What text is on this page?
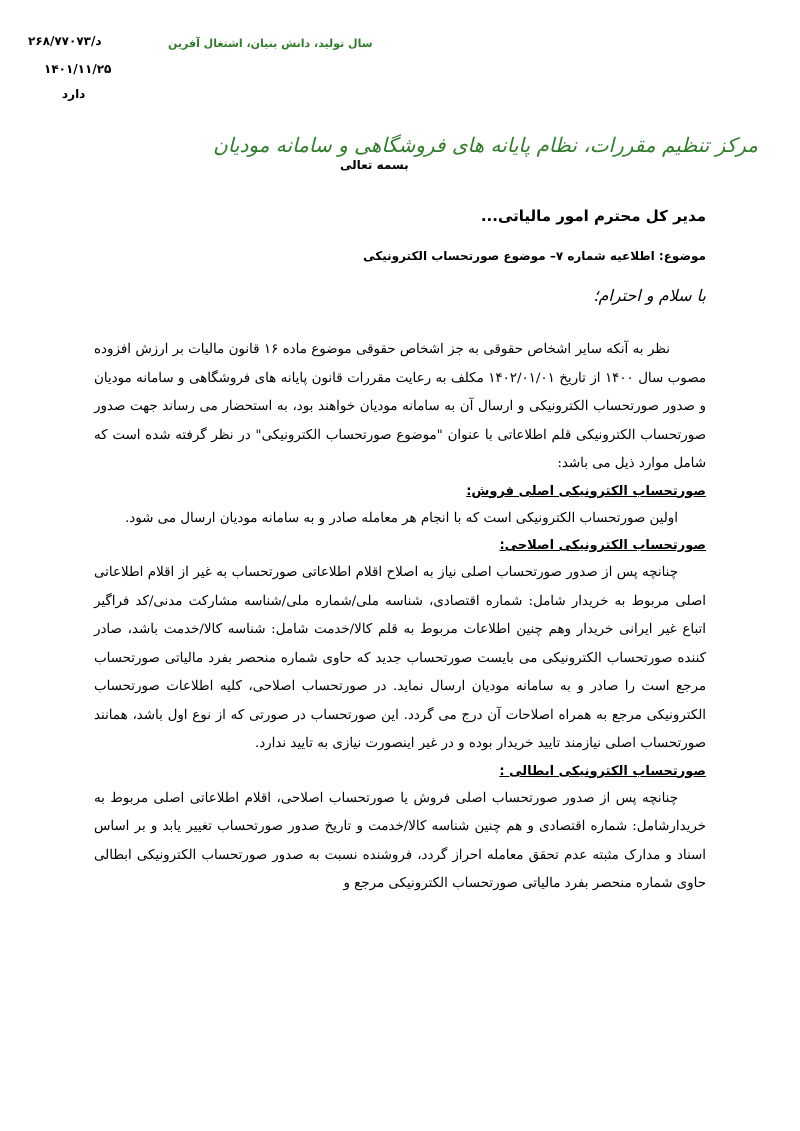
۲۶۸/۷۷۰۷۳/د
۱۴۰۱/۱۱/۲۵
دارد
سال تولید، دانش بنیان، اشتغال آفرین
مرکز تنظیم مقررات، نظام پایانه های فروشگاهی و سامانه مودیان
بسمه تعالی
مدیر کل محترم امور مالیاتی...
موضوع: اطلاعیه شماره ۷– موضوع صورتحساب الکترونیکی
با سلام و احترام؛

نظر به آنکه سایر اشخاص حقوقی به جز اشخاص حقوقی موضوع ماده ۱۶ قانون مالیات بر ارزش افزوده مصوب سال ۱۴۰۰ از تاریخ ۱۴۰۲/۰۱/۰۱ مکلف به رعایت مقررات قانون پایانه های فروشگاهی و سامانه مودیان و صدور صورتحساب الکترونیکی و ارسال آن به سامانه مودیان خواهند بود، به استحضار می رساند جهت صدور صورتحساب الکترونیکی قلم اطلاعاتی با عنوان "موضوع صورتحساب الکترونیکی" در نظر گرفته شده است که شامل موارد ذیل می باشد:

صورتحساب الکترونیکی اصلی فروش:

اولین صورتحساب الکترونیکی است که با انجام هر معامله صادر و به سامانه مودیان ارسال می شود.

صورتحساب الکترونیکی اصلاحی:

چنانچه پس از صدور صورتحساب اصلی نیاز به اصلاح اقلام اطلاعاتی صورتحساب به غیر از اقلام اطلاعاتی اصلی مربوط به خریدار شامل: شماره اقتصادی، شناسه ملی/شماره ملی/شناسه مشارکت مدنی/کد فراگیر اتباع غیر ایرانی خریدار وهم چنین اطلاعات مربوط به قلم کالا/خدمت شامل: شناسه کالا/خدمت باشد، صادر کننده صورتحساب الکترونیکی می بایست صورتحساب جدید که حاوی شماره منحصر بفرد مالیاتی صورتحساب مرجع است را صادر و به سامانه مودیان ارسال نماید. در صورتحساب اصلاحی، کلیه اطلاعات صورتحساب الکترونیکی مرجع به همراه اصلاحات آن درج می گردد. این صورتحساب در صورتی که از نوع اول باشد، همانند صورتحساب اصلی نیازمند تایید خریدار بوده و در غیر اینصورت نیازی به تایید ندارد.

صورتحساب الکترونیکی ابطالی :

چنانچه پس از صدور صورتحساب اصلی فروش یا صورتحساب اصلاحی، اقلام اطلاعاتی اصلی مربوط به خریدارشامل: شماره اقتصادی و هم چنین شناسه کالا/خدمت و تاریخ صدور صورتحساب تغییر یابد و بر اساس اسناد و مدارک مثبته عدم تحقق معامله احراز گردد، فروشنده نسبت به صدور صورتحساب الکترونیکی ابطالی حاوی شماره منحصر بفرد مالیاتی صورتحساب الکترونیکی مرجع و
